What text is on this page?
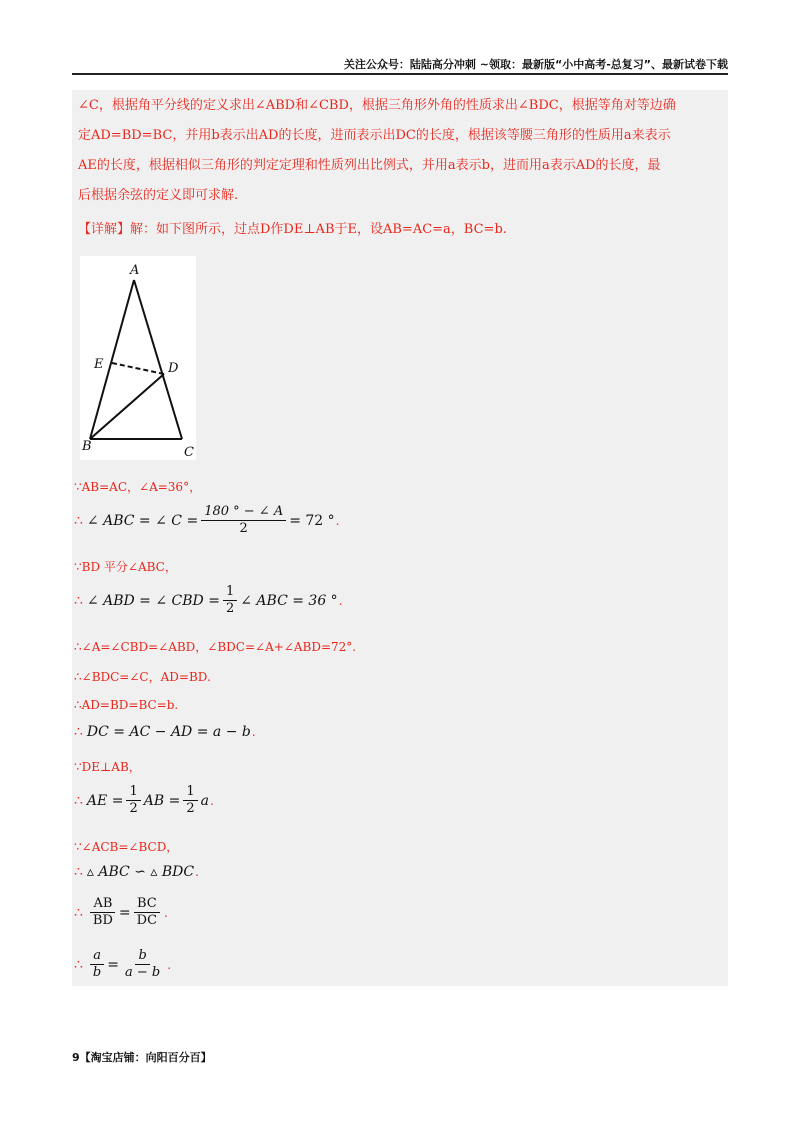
关注公众号：陆陆高分冲刺 ~领取：最新版“小中高考-总复习”、最新试卷下载
∠C，根据角平分线的定义求出∠ABD和∠CBD，根据三角形外角的性质求出∠BDC，根据等角对等边确
定AD=BD=BC，并用b表示出AD的长度，进而表示出DC的长度，根据该等腰三角形的性质用a来表示
AE的长度，根据相似三角形的判定定理和性质列出比例式，并用a表示b，进而用a表示AD的长度，最
后根据余弦的定义即可求解.
【详解】解：如下图所示，过点D作DE⊥AB于E，设AB=AC=a，BC=b.
A
E	D
B	C
∵AB=AC，∠A=36°，
∴ ∠ ABC = ∠ $C = \frac{180 ^\circ - \angle A}{2} = 72$ ° .
∵BD 平分∠ABC，
∴ ∠ ABD = ∠ CBD = $\frac{1}{2}$ ∠ ABC = 36 ° .
∴∠A=∠CBD=∠ABD，∠BDC=∠A+∠ABD=72°.
∴∠BDC=∠C，AD=BD.
∴AD=BD=BC=b.
∴ DC = AC − AD = a − b .
∵DE⊥AB，
∴ AE = $\frac{1}{2}$ AB = $\frac{1}{2}$ a .
∵∠ACB=∠BCD，
∴ ▵ ABC ∽ ▵ BDC .
∴ $\frac{AB}{BD} = \frac{BC}{DC}$ .
∴ $\frac{a}{b} = \frac{b}{a - b}$ .
9【淘宝店铺：向阳百分百】
